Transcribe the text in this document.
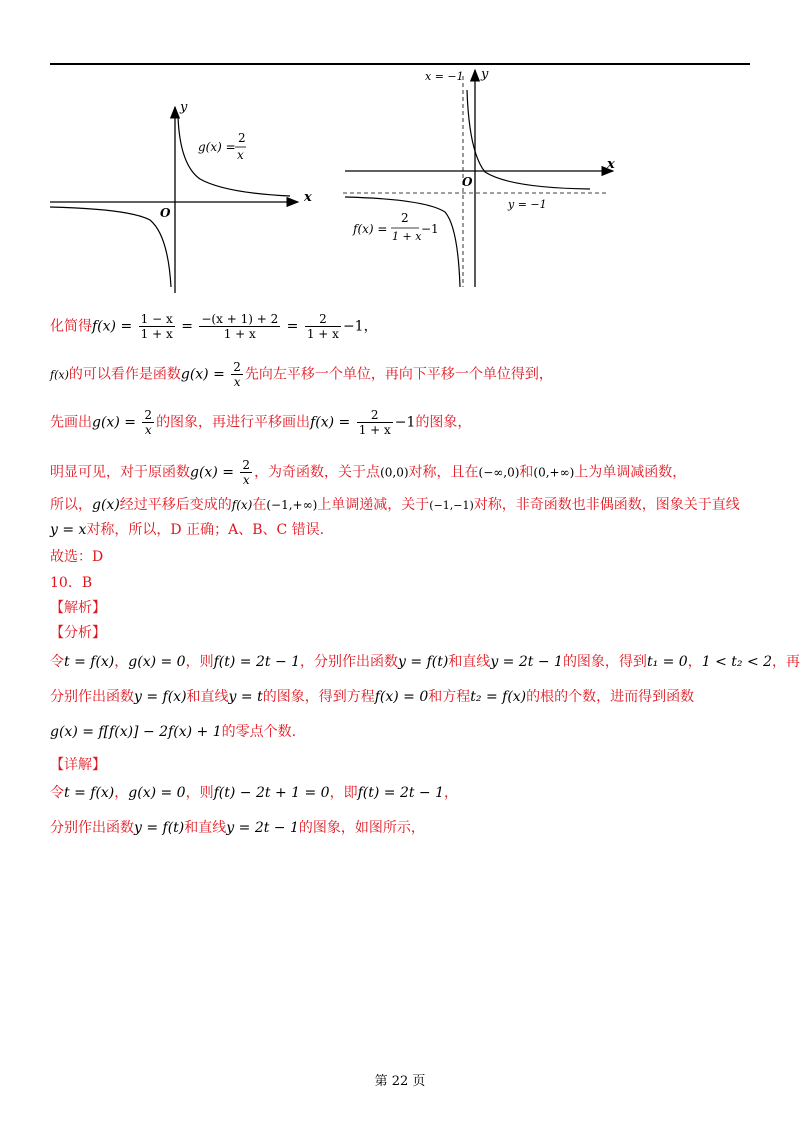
y
x
O
g(x) =
2
x
x = −1 y
x
O
y = −1
f(x) =
2
1 + x
−1
化简得$f(x) = \frac{1 - x}{1 + x} = \frac{-(x + 1) + 2}{1 + x} = \frac{2}{1 + x} -1$，
f(x)的可以看作是函数$g(x) = \frac{2}{x}$ 先向左平移一个单位，再向下平移一个单位得到，
先画出$g(x) = \frac{2}{x}$ 的图象，再进行平移画出$f(x) = \frac{2}{1 + x} -1$的图象，
明显可见，对于原函数$g(x) = \frac{2}{x}$ ，为奇函数，关于点(0,0)对称，且在(−∞,0)和(0,+∞)上为单调减函数，
所以，g(x)经过平移后变成的f(x)在(−1,+∞)上单调递减，关于(−1,−1)对称，非奇函数也非偶函数，图象关于直线
y = x对称，所以，D 正确；A、B、C 错误.
故选：D
10．B
【解析】
【分析】
令t = f(x)，g(x) = 0，则f(t) = 2t − 1，分别作出函数y = f(t)和直线y = 2t − 1的图象，得到t₁ = 0，1 < t₂ < 2，再
分别作出函数y = f(x)和直线y = t的图象，得到方程f(x) = 0和方程t₂ = f(x)的根的个数，进而得到函数
g(x) = f[f(x)] − 2f(x) + 1的零点个数.
【详解】
令t = f(x)，g(x) = 0，则f(t) − 2t + 1 = 0，即f(t) = 2t − 1，
分别作出函数y = f(t)和直线y = 2t − 1的图象，如图所示，
第 22 页
